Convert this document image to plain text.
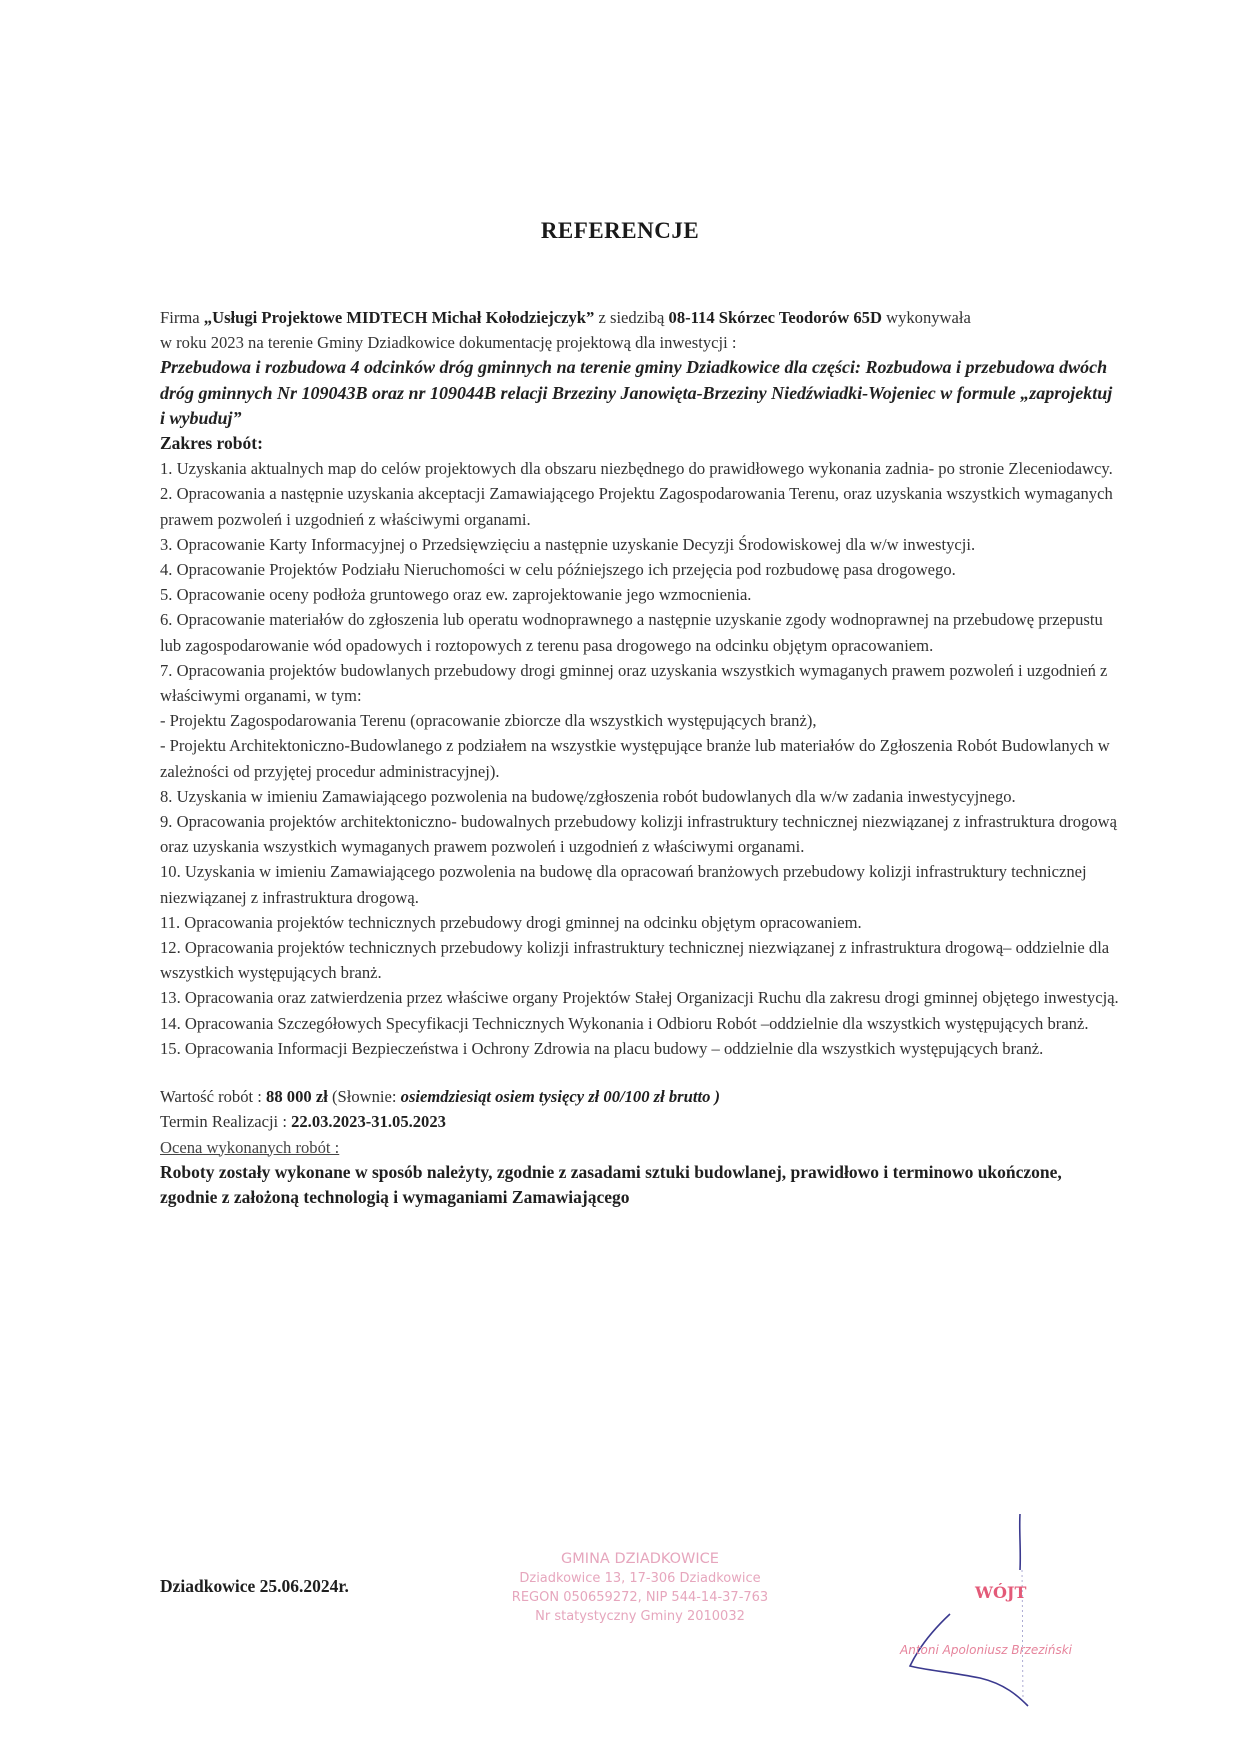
REFERENCJE

Firma „Usługi Projektowe MIDTECH Michał Kołodziejczyk” z siedzibą 08-114 Skórzec Teodorów 65D wykonywała

w roku 2023 na terenie Gminy Dziadkowice dokumentację projektową dla inwestycji :

Przebudowa i rozbudowa 4 odcinków dróg gminnych na terenie gminy Dziadkowice dla części: Rozbudowa i przebudowa dwóch dróg gminnych Nr 109043B oraz nr 109044B relacji Brzeziny Janowięta-Brzeziny Niedźwiadki-Wojeniec w formule „zaprojektuj i wybuduj”

Zakres robót:

1. Uzyskania aktualnych map do celów projektowych dla obszaru niezbędnego do prawidłowego wykonania zadnia- po stronie Zleceniodawcy.

2. Opracowania a następnie uzyskania akceptacji Zamawiającego Projektu Zagospodarowania Terenu, oraz uzyskania wszystkich wymaganych prawem pozwoleń i uzgodnień z właściwymi organami.

3. Opracowanie Karty Informacyjnej o Przedsięwzięciu a następnie uzyskanie Decyzji Środowiskowej dla w/w inwestycji.

4. Opracowanie Projektów Podziału Nieruchomości w celu późniejszego ich przejęcia pod rozbudowę pasa drogowego.

5. Opracowanie oceny podłoża gruntowego oraz ew. zaprojektowanie jego wzmocnienia.

6. Opracowanie materiałów do zgłoszenia lub operatu wodnoprawnego a następnie uzyskanie zgody wodnoprawnej na przebudowę przepustu lub zagospodarowanie wód opadowych i roztopowych z terenu pasa drogowego na odcinku objętym opracowaniem.

7. Opracowania projektów budowlanych przebudowy drogi gminnej oraz uzyskania wszystkich wymaganych prawem pozwoleń i uzgodnień z właściwymi organami, w tym:

- Projektu Zagospodarowania Terenu (opracowanie zbiorcze dla wszystkich występujących branż),

- Projektu Architektoniczno-Budowlanego z podziałem na wszystkie występujące branże lub materiałów do Zgłoszenia Robót Budowlanych w zależności od przyjętej procedur administracyjnej).

8. Uzyskania w imieniu Zamawiającego pozwolenia na budowę/zgłoszenia robót budowlanych dla w/w zadania inwestycyjnego.

9. Opracowania projektów architektoniczno- budowalnych przebudowy kolizji infrastruktury technicznej niezwiązanej z infrastruktura drogową oraz uzyskania wszystkich wymaganych prawem pozwoleń i uzgodnień z właściwymi organami.

10. Uzyskania w imieniu Zamawiającego pozwolenia na budowę dla opracowań branżowych przebudowy kolizji infrastruktury technicznej niezwiązanej z infrastruktura drogową.

11. Opracowania projektów technicznych przebudowy drogi gminnej na odcinku objętym opracowaniem.

12. Opracowania projektów technicznych przebudowy kolizji infrastruktury technicznej niezwiązanej z infrastruktura drogową– oddzielnie dla wszystkich występujących branż.

13. Opracowania oraz zatwierdzenia przez właściwe organy Projektów Stałej Organizacji Ruchu dla zakresu drogi gminnej objętego inwestycją.

14. Opracowania Szczegółowych Specyfikacji Technicznych Wykonania i Odbioru Robót –oddzielnie dla wszystkich występujących branż.

15. Opracowania Informacji Bezpieczeństwa i Ochrony Zdrowia na placu budowy – oddzielnie dla wszystkich występujących branż.

Wartość robót : 88 000 zł (Słownie: osiemdziesiąt osiem tysięcy zł 00/100 zł brutto )

Termin Realizacji : 22.03.2023-31.05.2023

Ocena wykonanych robót :

Roboty zostały wykonane w sposób należyty, zgodnie z zasadami sztuki budowlanej, prawidłowo i terminowo ukończone, zgodnie z założoną technologią i wymaganiami Zamawiającego

Dziadkowice 25.06.2024r.
GMINA DZIADKOWICE
Dziadkowice 13, 17-306 Dziadkowice
REGON 050659272, NIP 544-14-37-763
Nr statystyczny Gminy 2010032
WÓJT
Antoni Apoloniusz Brzeziński
